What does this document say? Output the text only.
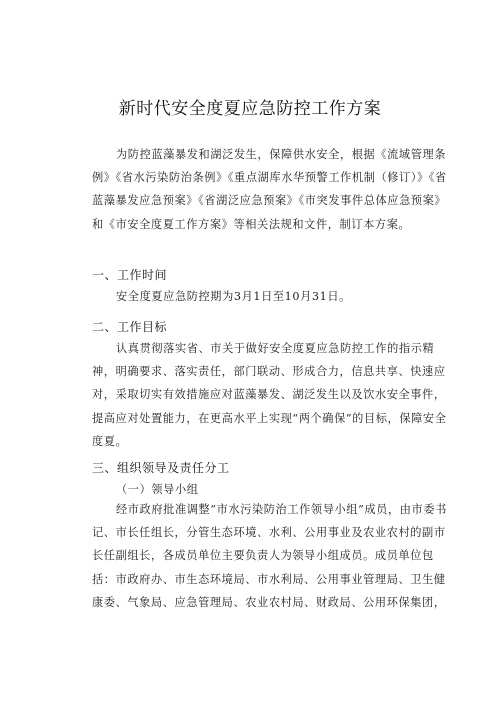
新时代安全度夏应急防控工作方案
为防控蓝藻暴发和湖泛发生，保障供水安全，根据《流域管理条例》《省水污染防治条例》《重点湖库水华预警工作机制（修订）》《省蓝藻暴发应急预案》《省湖泛应急预案》《市突发事件总体应急预案》和《市安全度夏工作方案》等相关法规和文件，制订本方案。
一、工作时间
安全度夏应急防控期为3月1日至10月31日。
二、工作目标
认真贯彻落实省、市关于做好安全度夏应急防控工作的指示精神，明确要求、落实责任，部门联动、形成合力，信息共享、快速应对，采取切实有效措施应对蓝藻暴发、湖泛发生以及饮水安全事件，提高应对处置能力，在更高水平上实现“两个确保”的目标，保障安全度夏。
三、组织领导及责任分工
（一）领导小组
经市政府批准调整“市水污染防治工作领导小组”成员，由市委书记、市长任组长，分管生态环境、水利、公用事业及农业农村的副市长任副组长，各成员单位主要负责人为领导小组成员。成员单位包括：市政府办、市生态环境局、市水利局、公用事业管理局、卫生健康委、气象局、应急管理局、农业农村局、财政局、公用环保集团，
